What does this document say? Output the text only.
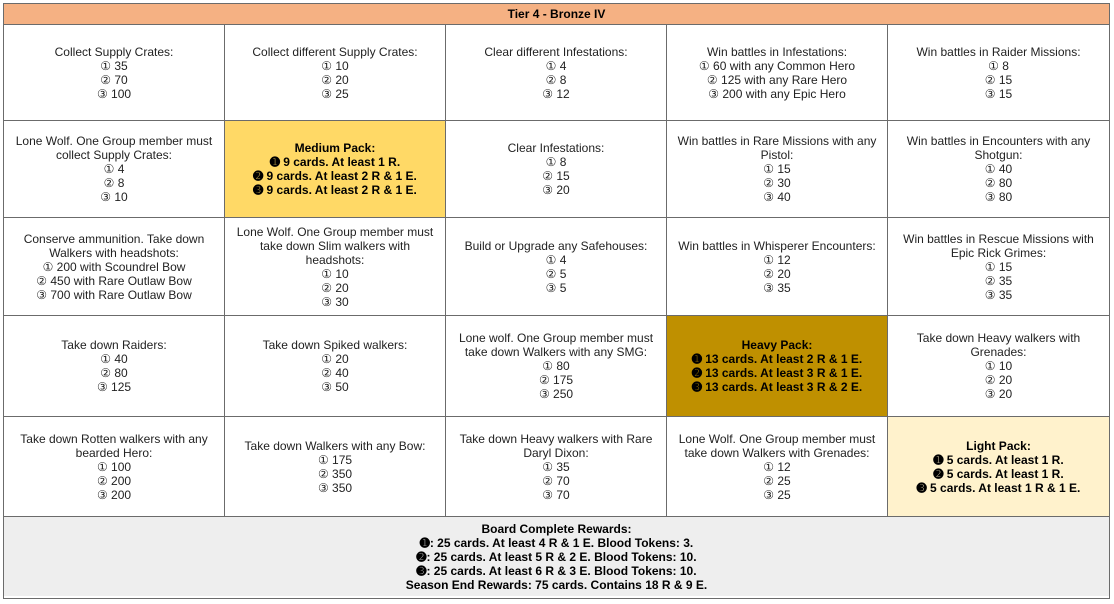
Tier 4 - Bronze IV
Collect Supply Crates:
① 35
② 70
③ 100
Collect different Supply Crates:
① 10
② 20
③ 25
Clear different Infestations:
① 4
② 8
③ 12
Win battles in Infestations:
① 60 with any Common Hero
② 125 with any Rare Hero
③ 200 with any Epic Hero
Win battles in Raider Missions:
① 8
② 15
③ 15
Lone Wolf. One Group member must collect Supply Crates:
① 4
② 8
③ 10
Medium Pack:
➊ 9 cards. At least 1 R.
➋ 9 cards. At least 2 R & 1 E.
➌ 9 cards. At least 2 R & 1 E.
Clear Infestations:
① 8
② 15
③ 20
Win battles in Rare Missions with any Pistol:
① 15
② 30
③ 40
Win battles in Encounters with any Shotgun:
① 40
② 80
③ 80
Conserve ammunition. Take down Walkers with headshots:
① 200 with Scoundrel Bow
② 450 with Rare Outlaw Bow
③ 700 with Rare Outlaw Bow
Lone Wolf. One Group member must take down Slim walkers with headshots:
① 10
② 20
③ 30
Build or Upgrade any Safehouses:
① 4
② 5
③ 5
Win battles in Whisperer Encounters:
① 12
② 20
③ 35
Win battles in Rescue Missions with Epic Rick Grimes:
① 15
② 35
③ 35
Take down Raiders:
① 40
② 80
③ 125
Take down Spiked walkers:
① 20
② 40
③ 50
Lone wolf. One Group member must take down Walkers with any SMG:
① 80
② 175
③ 250
Heavy Pack:
➊ 13 cards. At least 2 R & 1 E.
➋ 13 cards. At least 3 R & 1 E.
➌ 13 cards. At least 3 R & 2 E.
Take down Heavy walkers with Grenades:
① 10
② 20
③ 20
Take down Rotten walkers with any bearded Hero:
① 100
② 200
③ 200
Take down Walkers with any Bow:
① 175
② 350
③ 350
Take down Heavy walkers with Rare Daryl Dixon:
① 35
② 70
③ 70
Lone Wolf. One Group member must take down Walkers with Grenades:
① 12
② 25
③ 25
Light Pack:
➊ 5 cards. At least 1 R.
➋ 5 cards. At least 1 R.
➌ 5 cards. At least 1 R & 1 E.
Board Complete Rewards:
➊: 25 cards. At least 4 R & 1 E. Blood Tokens: 3.
➋: 25 cards. At least 5 R & 2 E. Blood Tokens: 10.
➌: 25 cards. At least 6 R & 3 E. Blood Tokens: 10.
Season End Rewards: 75 cards. Contains 18 R & 9 E.
